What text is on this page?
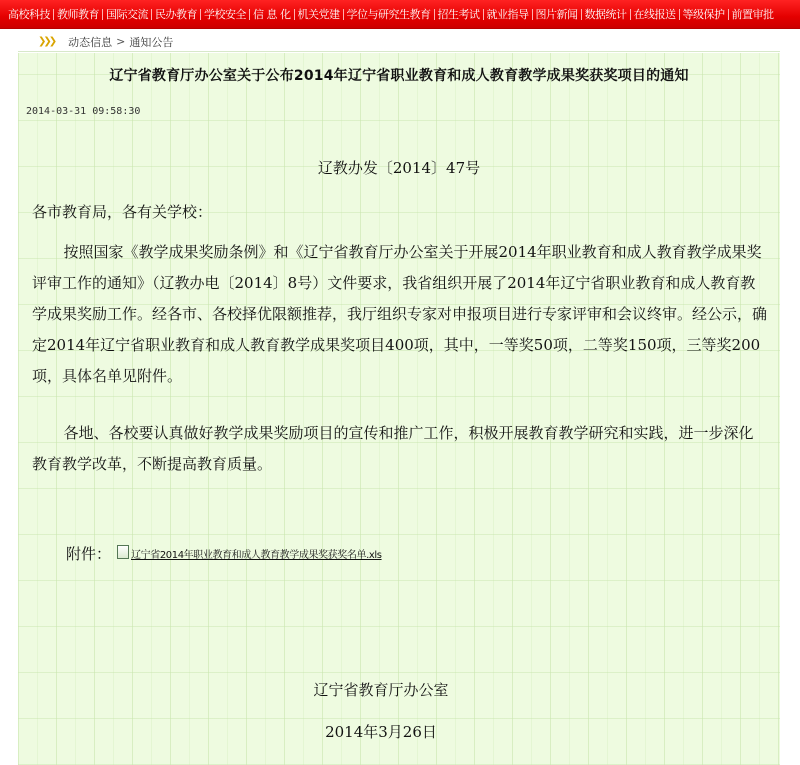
高校科技 教师教育 国际交流 民办教育 学校安全 信 息 化 机关党建 学位与研究生教育 招生考试 就业指导 图片新闻 数据统计 在线报送 等级保护 前置审批
❯❯❯ 动态信息 > 通知公告
辽宁省教育厅办公室关于公布2014年辽宁省职业教育和成人教育教学成果奖获奖项目的通知
2014-03-31 09:58:30
辽教办发〔2014〕47号
各市教育局，各有关学校：

按照国家《教学成果奖励条例》和《辽宁省教育厅办公室关于开展2014年职业教育和成人教育教学成果奖评审工作的通知》（辽教办电〔2014〕8号）文件要求，我省组织开展了2014年辽宁省职业教育和成人教育教学成果奖励工作。经各市、各校择优限额推荐，我厅组织专家对申报项目进行专家评审和会议终审。经公示，确定2014年辽宁省职业教育和成人教育教学成果奖项目400项，其中，一等奖50项，二等奖150项，三等奖200项，具体名单见附件。

各地、各校要认真做好教学成果奖励项目的宣传和推广工作，积极开展教育教学研究和实践，进一步深化教育教学改革，不断提高教育质量。

附件： 辽宁省2014年职业教育和成人教育教学成果奖获奖名单.xls
辽宁省教育厅办公室
2014年3月26日
